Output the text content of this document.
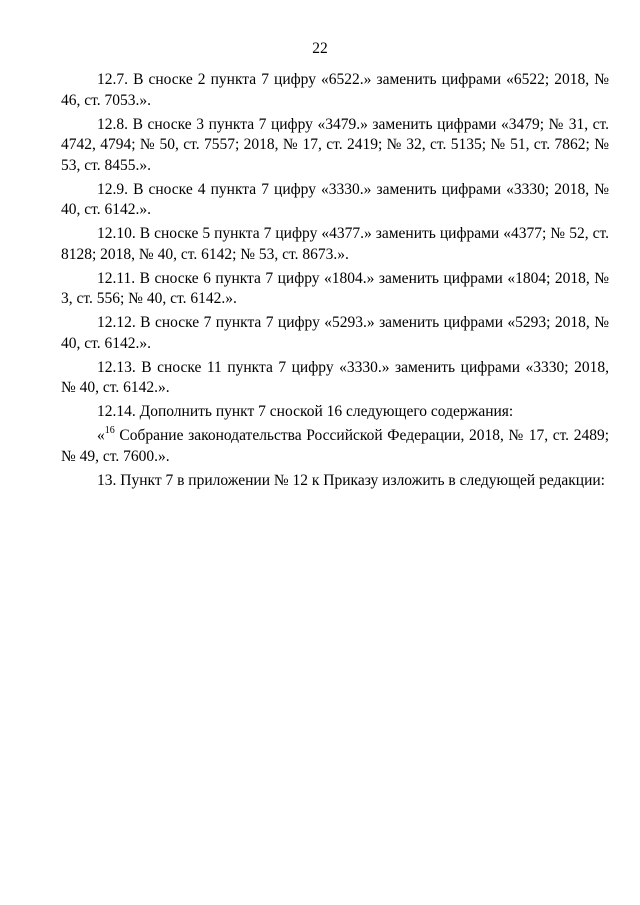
22

12.7. В сноске 2 пункта 7 цифру «6522.» заменить цифрами «6522; 2018, № 46, ст. 7053.».

12.8. В сноске 3 пункта 7 цифру «3479.» заменить цифрами «3479; № 31, ст. 4742, 4794; № 50, ст. 7557; 2018, № 17, ст. 2419; № 32, ст. 5135; № 51, ст. 7862; № 53, ст. 8455.».

12.9. В сноске 4 пункта 7 цифру «3330.» заменить цифрами «3330; 2018, № 40, ст. 6142.».

12.10. В сноске 5 пункта 7 цифру «4377.» заменить цифрами «4377; № 52, ст. 8128; 2018, № 40, ст. 6142; № 53, ст. 8673.».

12.11. В сноске 6 пункта 7 цифру «1804.» заменить цифрами «1804; 2018, № 3, ст. 556; № 40, ст. 6142.».

12.12. В сноске 7 пункта 7 цифру «5293.» заменить цифрами «5293; 2018, № 40, ст. 6142.».

12.13. В сноске 11 пункта 7 цифру «3330.» заменить цифрами «3330; 2018, № 40, ст. 6142.».

12.14. Дополнить пункт 7 сноской 16 следующего содержания:

«$^{16}$ Собрание законодательства Российской Федерации, 2018, № 17, ст. 2489; № 49, ст. 7600.».

13. Пункт 7 в приложении № 12 к Приказу изложить в следующей редакции:
